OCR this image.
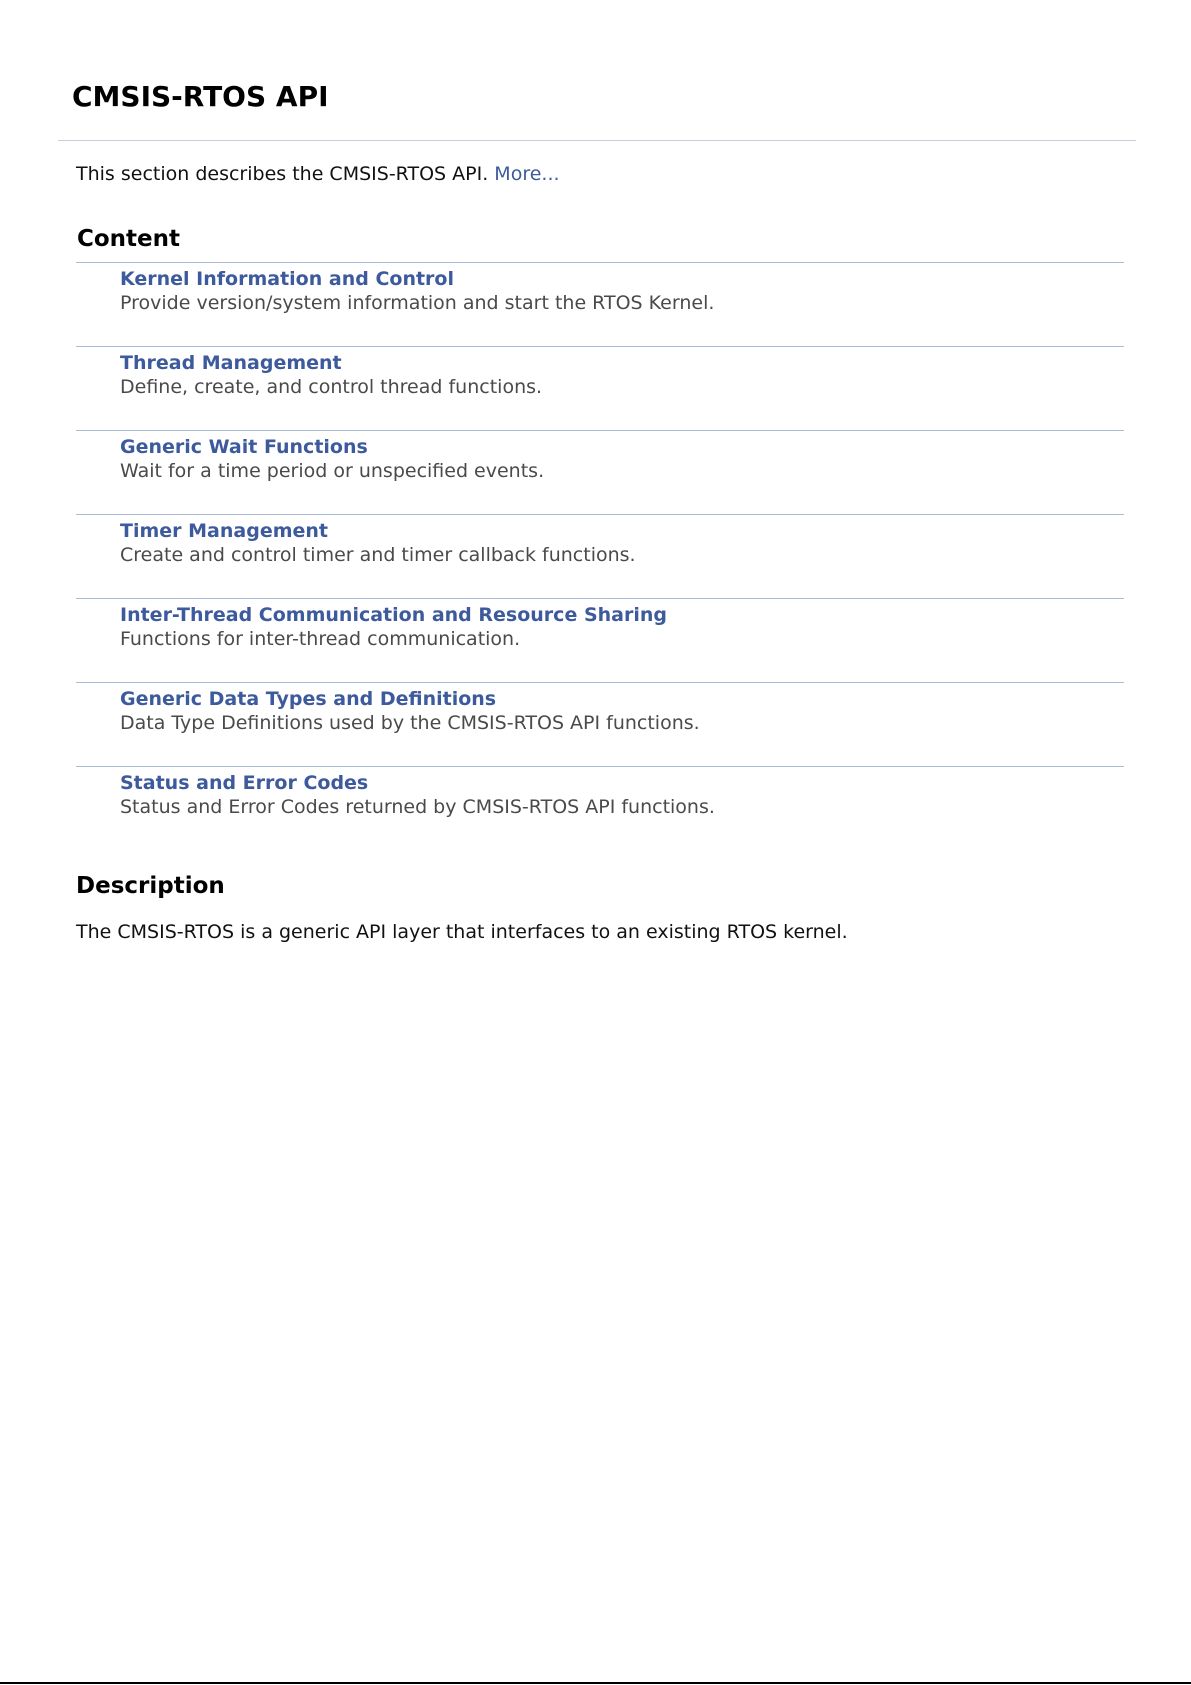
CMSIS-RTOS API
This section describes the CMSIS-RTOS API. More...
Content
Kernel Information and Control
Provide version/system information and start the RTOS Kernel.
Thread Management
Define, create, and control thread functions.
Generic Wait Functions
Wait for a time period or unspecified events.
Timer Management
Create and control timer and timer callback functions.
Inter-Thread Communication and Resource Sharing
Functions for inter-thread communication.
Generic Data Types and Definitions
Data Type Definitions used by the CMSIS-RTOS API functions.
Status and Error Codes
Status and Error Codes returned by CMSIS-RTOS API functions.
Description
The CMSIS-RTOS is a generic API layer that interfaces to an existing RTOS kernel.
